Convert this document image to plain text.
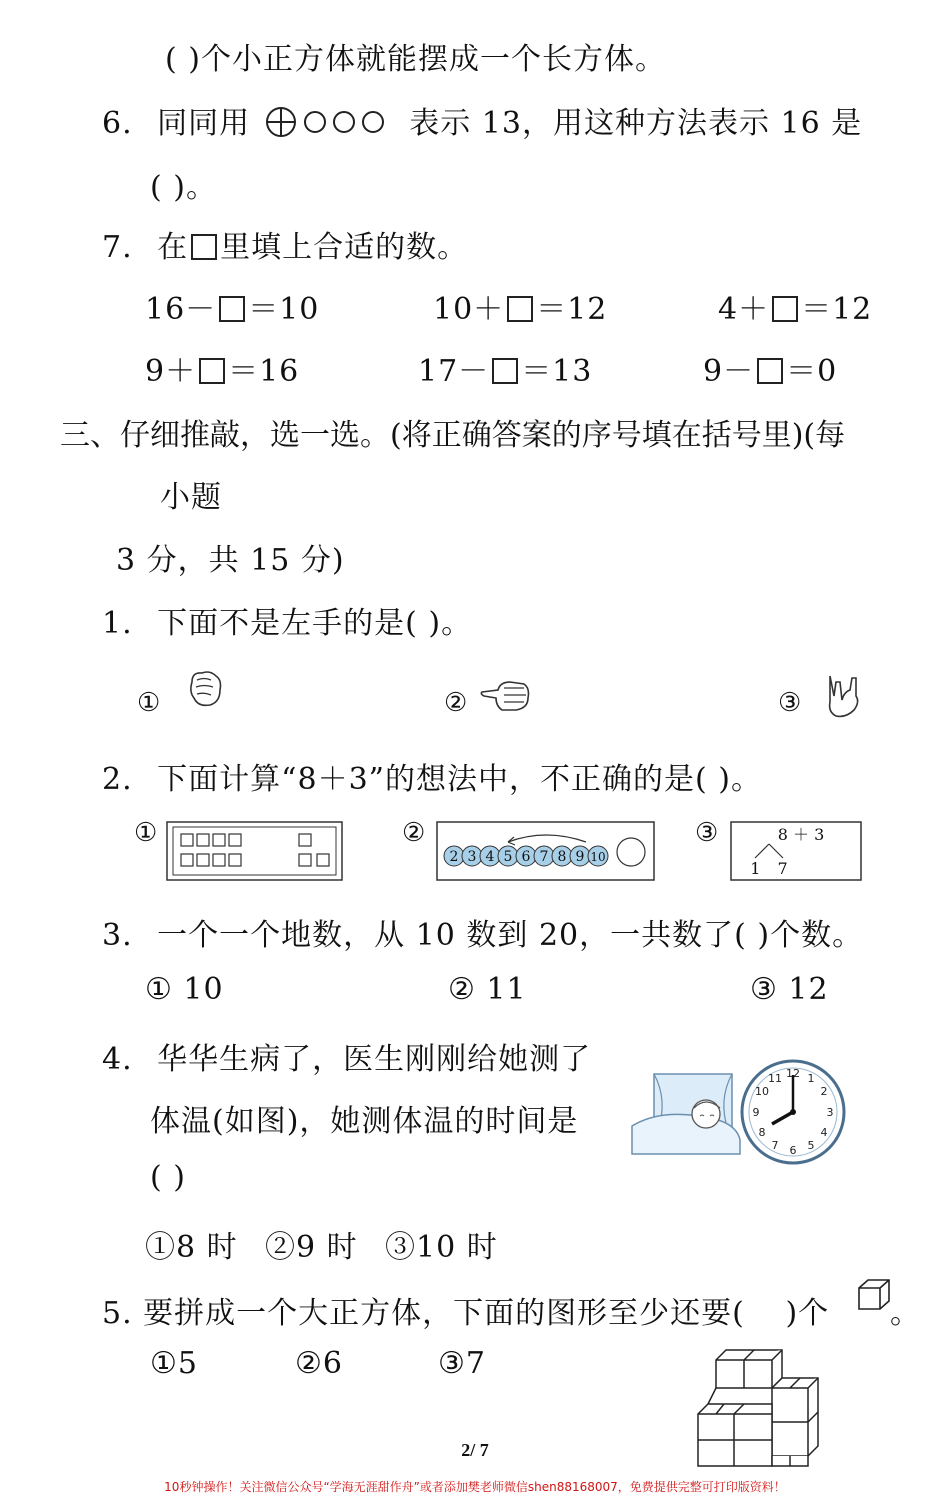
( )个小正方体就能摆成一个长方体。
6. 同同用	表示 13，用这种方法表示 16 是
( )。
7. 在 里填上合适的数。
16－ ＝10	10＋ ＝12	4＋ ＝12
9＋ ＝16	17－ ＝13	9－ ＝0
三、仔细推敲，选一选。(将正确答案的序号填在括号里)(每
小题
3 分，共 15 分)
1. 下面不是左手的是( )。
①	②	③
2. 下面计算“8＋3”的想法中，不正确的是( )。
①	②
2 3 4 5 6 7 8 9 10
③	8 ＋ 3
1 7
3. 一个一个地数，从 10 数到 20，一共数了( )个数。
① 10	② 11	③ 12
4. 华华生病了，医生刚刚给她测了
体温(如图)，她测体温的时间是
( )
①8 时 ②9 时 ③10 时
12 1
2
3
4
5
6
7
8
9
10
11
5. 要拼成一个大正方体，下面的图形至少还要( )个 。
①5	②6	③7
2/ 7
10秒钟操作！关注微信公众号“学海无涯甜作舟”或者添加樊老师微信shen88168007，免费提供完整可打印版资料！
